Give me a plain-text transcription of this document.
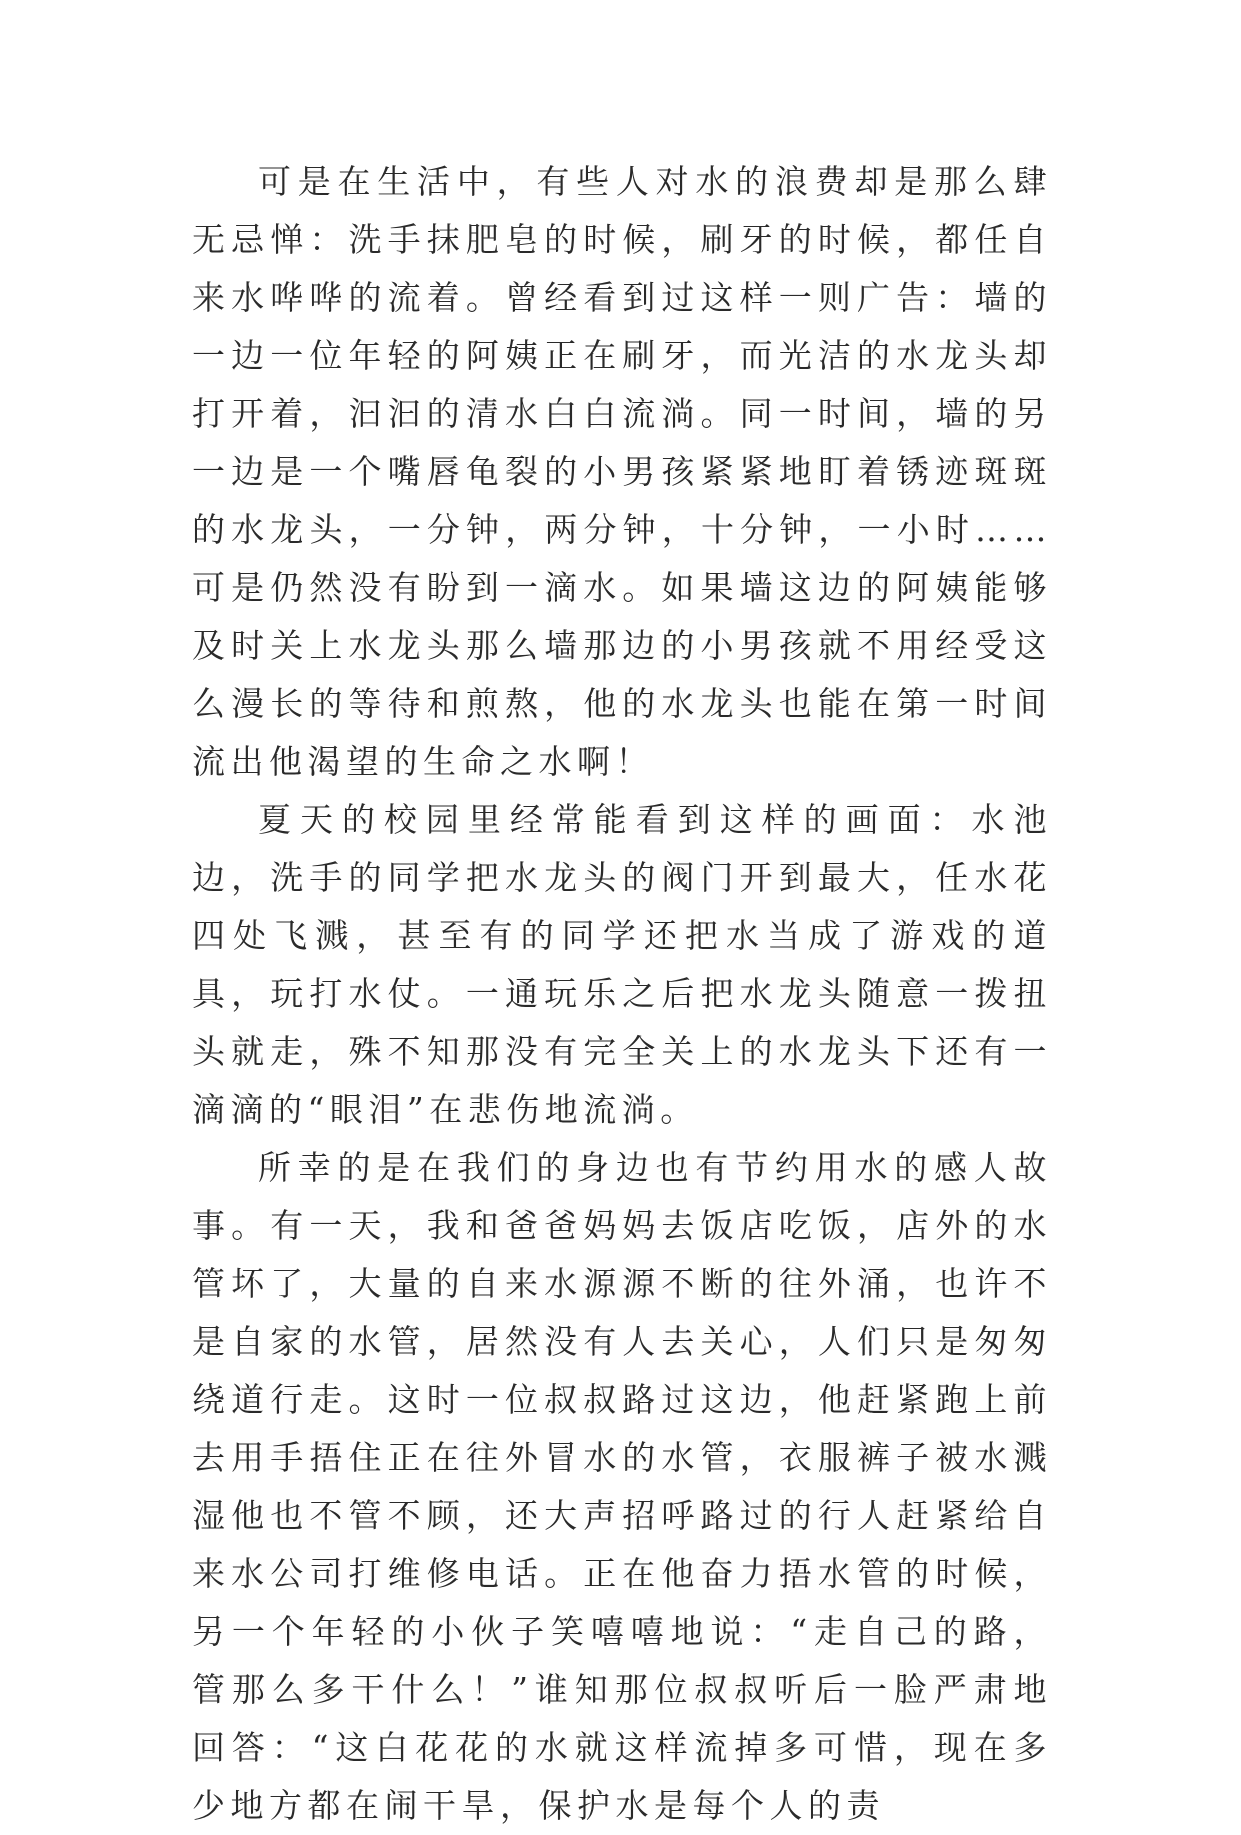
可是在生活中，有些人对水的浪费却是那么肆无忌惮：洗手抹肥皂的时候，刷牙的时候，都任自来水哗哗的流着。曾经看到过这样一则广告：墙的一边一位年轻的阿姨正在刷牙，而光洁的水龙头却打开着，汩汩的清水白白流淌。同一时间，墙的另一边是一个嘴唇龟裂的小男孩紧紧地盯着锈迹斑斑的水龙头，一分钟，两分钟，十分钟，一小时……可是仍然没有盼到一滴水。如果墙这边的阿姨能够及时关上水龙头那么墙那边的小男孩就不用经受这么漫长的等待和煎熬，他的水龙头也能在第一时间流出他渴望的生命之水啊！

夏天的校园里经常能看到这样的画面：水池边，洗手的同学把水龙头的阀门开到最大，任水花四处飞溅，甚至有的同学还把水当成了游戏的道具，玩打水仗。一通玩乐之后把水龙头随意一拨扭头就走，殊不知那没有完全关上的水龙头下还有一滴滴的“眼泪”在悲伤地流淌。

所幸的是在我们的身边也有节约用水的感人故事。有一天，我和爸爸妈妈去饭店吃饭，店外的水管坏了，大量的自来水源源不断的往外涌，也许不是自家的水管，居然没有人去关心，人们只是匆匆绕道行走。这时一位叔叔路过这边，他赶紧跑上前去用手捂住正在往外冒水的水管，衣服裤子被水溅湿他也不管不顾，还大声招呼路过的行人赶紧给自来水公司打维修电话。正在他奋力捂水管的时候，另一个年轻的小伙子笑嘻嘻地说：“走自己的路，管那么多干什么！”谁知那位叔叔听后一脸严肃地回答：“这白花花的水就这样流掉多可惜，现在多少地方都在闹干旱，保护水是每个人的责
